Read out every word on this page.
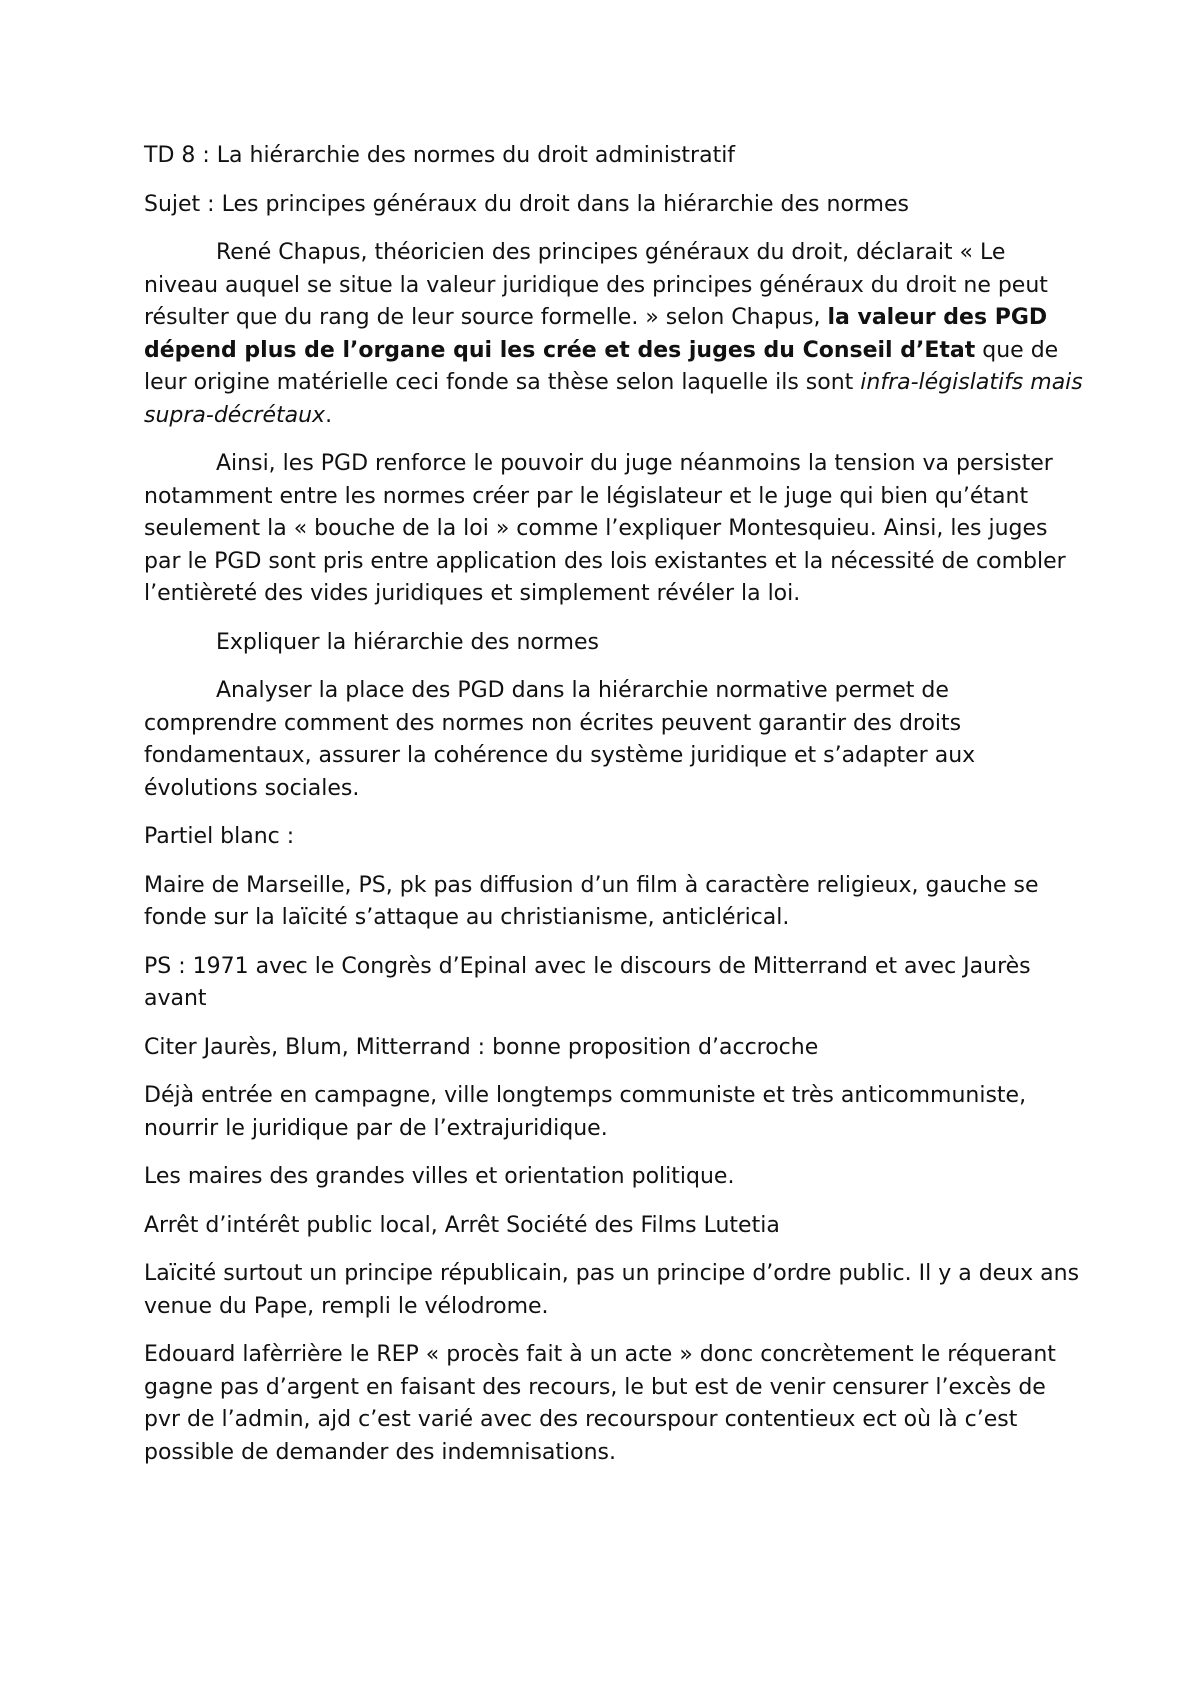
TD 8 : La hiérarchie des normes du droit administratif

Sujet : Les principes généraux du droit dans la hiérarchie des normes

René Chapus, théoricien des principes généraux du droit, déclarait « Le niveau auquel se situe la valeur juridique des principes généraux du droit ne peut résulter que du rang de leur source formelle. » selon Chapus, la valeur des PGD dépend plus de l’organe qui les crée et des juges du Conseil d’Etat que de leur origine matérielle ceci fonde sa thèse selon laquelle ils sont infra-législatifs mais supra-décrétaux.

Ainsi, les PGD renforce le pouvoir du juge néanmoins la tension va persister notamment entre les normes créer par le législateur et le juge qui bien qu’étant seulement la « bouche de la loi » comme l’expliquer Montesquieu. Ainsi, les juges par le PGD sont pris entre application des lois existantes et la nécessité de combler l’entièreté des vides juridiques et simplement révéler la loi.

Expliquer la hiérarchie des normes

Analyser la place des PGD dans la hiérarchie normative permet de comprendre comment des normes non écrites peuvent garantir des droits fondamentaux, assurer la cohérence du système juridique et s’adapter aux évolutions sociales.

Partiel blanc :

Maire de Marseille, PS, pk pas diffusion d’un film à caractère religieux, gauche se fonde sur la laïcité s’attaque au christianisme, anticlérical.

PS : 1971 avec le Congrès d’Epinal avec le discours de Mitterrand et avec Jaurès avant

Citer Jaurès, Blum, Mitterrand : bonne proposition d’accroche

Déjà entrée en campagne, ville longtemps communiste et très anticommuniste, nourrir le juridique par de l’extrajuridique.

Les maires des grandes villes et orientation politique.

Arrêt d’intérêt public local, Arrêt Société des Films Lutetia

Laïcité surtout un principe républicain, pas un principe d’ordre public. Il y a deux ans venue du Pape, rempli le vélodrome.

Edouard lafèrrière le REP « procès fait à un acte » donc concrètement le réquerant gagne pas d’argent en faisant des recours, le but est de venir censurer l’excès de pvr de l’admin, ajd c’est varié avec des recourspour contentieux ect où là c’est possible de demander des indemnisations.
